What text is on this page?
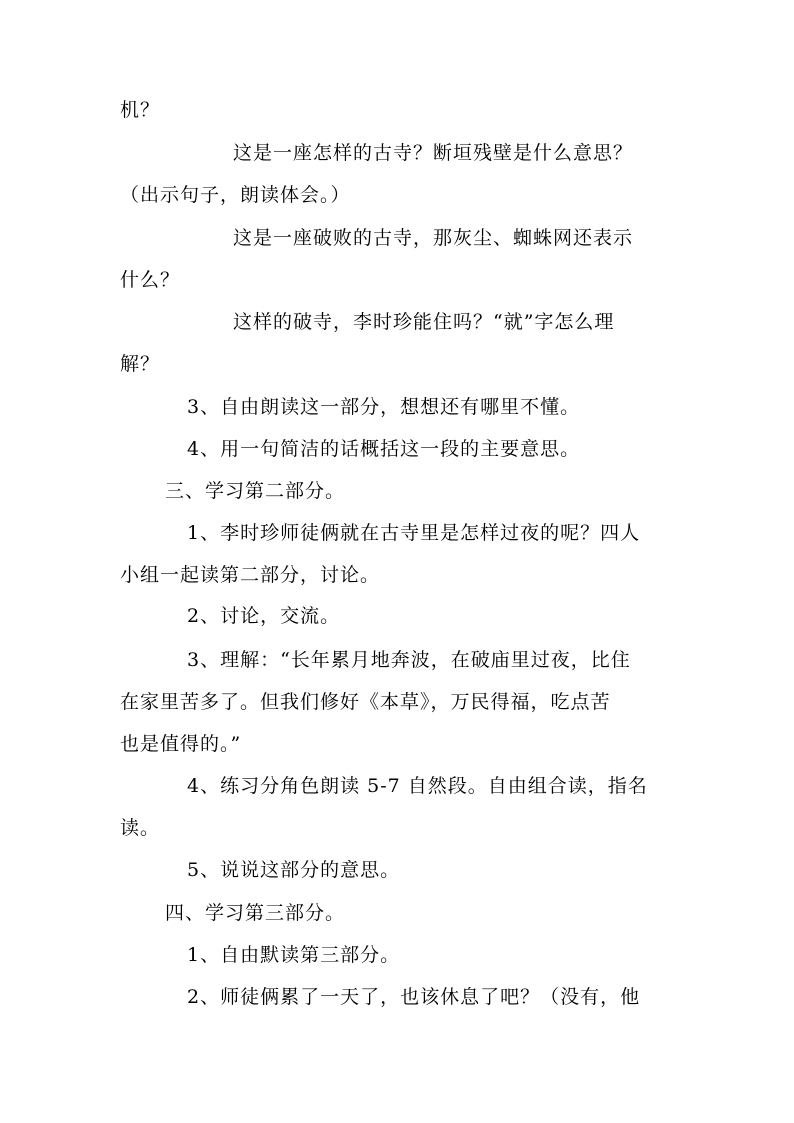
机？
这是一座怎样的古寺？断垣残壁是什么意思？
（出示句子，朗读体会。）
这是一座破败的古寺，那灰尘、蜘蛛网还表示
什么？
这样的破寺，李时珍能住吗？“就”字怎么理
解？
3、自由朗读这一部分，想想还有哪里不懂。
4、用一句简洁的话概括这一段的主要意思。
三、学习第二部分。
1、李时珍师徒俩就在古寺里是怎样过夜的呢？四人
小组一起读第二部分，讨论。
2、讨论，交流。
3、理解：“长年累月地奔波，在破庙里过夜，比住
在家里苦多了。但我们修好《本草》，万民得福，吃点苦
也是值得的。”
4、练习分角色朗读 5-7 自然段。自由组合读，指名
读。
5、说说这部分的意思。
四、学习第三部分。
1、自由默读第三部分。
2、师徒俩累了一天了，也该休息了吧？（没有，他
